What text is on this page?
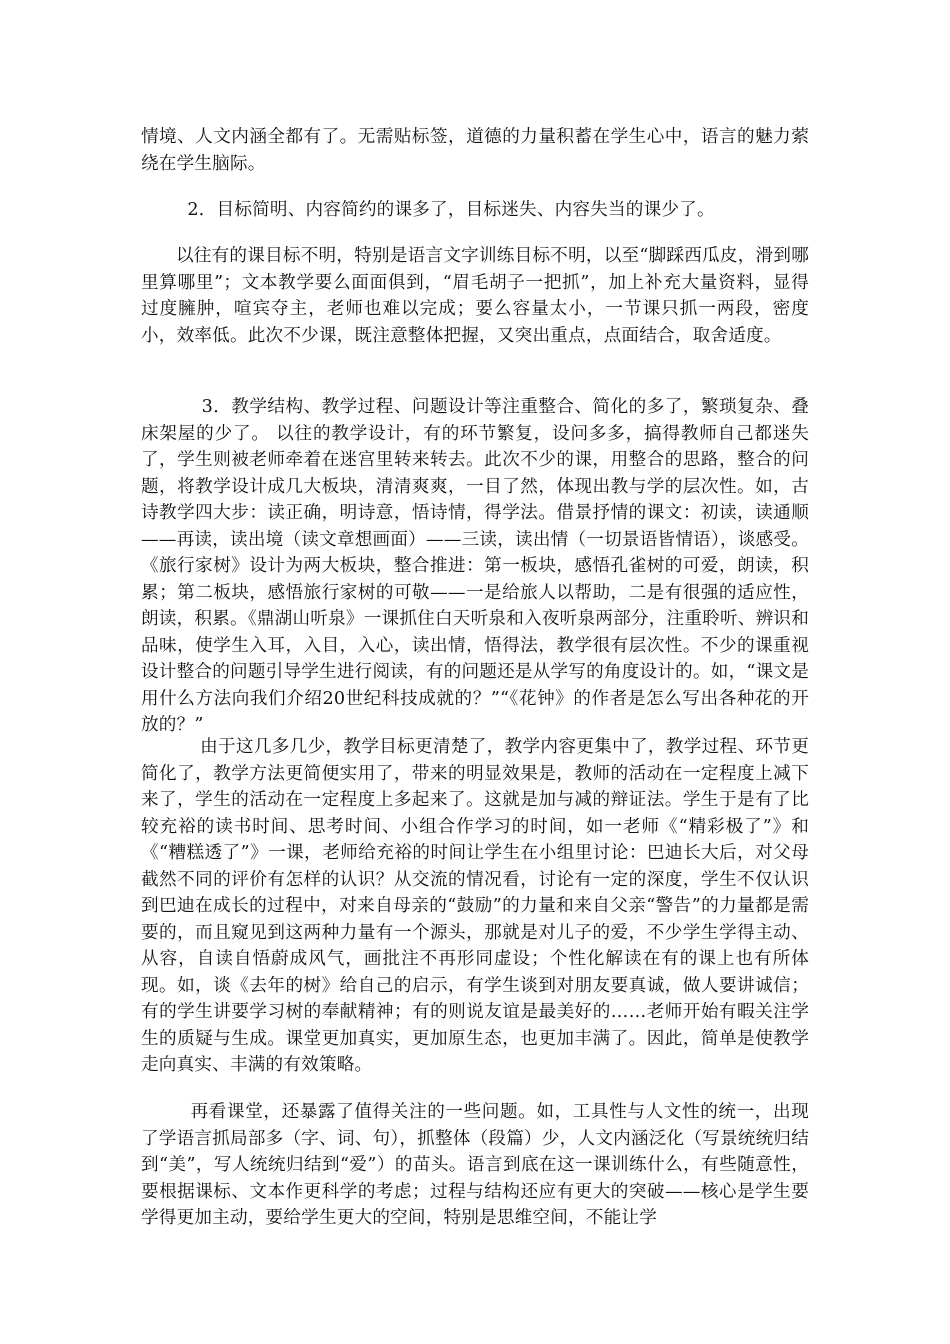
情境、人文内涵全都有了。无需贴标签，道德的力量积蓄在学生心中，语言的魅力萦绕在学生脑际。

2．目标简明、内容简约的课多了，目标迷失、内容失当的课少了。

以往有的课目标不明，特别是语言文字训练目标不明，以至“脚踩西瓜皮，滑到哪里算哪里”；文本教学要么面面俱到，“眉毛胡子一把抓”，加上补充大量资料，显得过度臃肿，喧宾夺主，老师也难以完成；要么容量太小，一节课只抓一两段，密度小，效率低。此次不少课，既注意整体把握，又突出重点，点面结合，取舍适度。

3．教学结构、教学过程、问题设计等注重整合、简化的多了，繁琐复杂、叠床架屋的少了。 以往的教学设计，有的环节繁复，设问多多，搞得教师自己都迷失了，学生则被老师牵着在迷宫里转来转去。此次不少的课，用整合的思路，整合的问题，将教学设计成几大板块，清清爽爽，一目了然，体现出教与学的层次性。如，古诗教学四大步：读正确，明诗意，悟诗情，得学法。借景抒情的课文：初读，读通顺——再读，读出境（读文章想画面）——三读，读出情（一切景语皆情语），谈感受。《旅行家树》设计为两大板块，整合推进：第一板块，感悟孔雀树的可爱，朗读，积累；第二板块，感悟旅行家树的可敬——一是给旅人以帮助，二是有很强的适应性，朗读，积累。《鼎湖山听泉》一课抓住白天听泉和入夜听泉两部分，注重聆听、辨识和品味，使学生入耳，入目，入心，读出情，悟得法，教学很有层次性。不少的课重视设计整合的问题引导学生进行阅读，有的问题还是从学写的角度设计的。如，“课文是用什么方法向我们介绍20世纪科技成就的？”“《花钟》的作者是怎么写出各种花的开放的？”

由于这几多几少，教学目标更清楚了，教学内容更集中了，教学过程、环节更简化了，教学方法更简便实用了，带来的明显效果是，教师的活动在一定程度上减下来了，学生的活动在一定程度上多起来了。这就是加与减的辩证法。学生于是有了比较充裕的读书时间、思考时间、小组合作学习的时间，如一老师《“精彩极了”》和《“糟糕透了”》一课，老师给充裕的时间让学生在小组里讨论：巴迪长大后，对父母截然不同的评价有怎样的认识？从交流的情况看，讨论有一定的深度，学生不仅认识到巴迪在成长的过程中，对来自母亲的“鼓励”的力量和来自父亲“警告”的力量都是需要的，而且窥见到这两种力量有一个源头，那就是对儿子的爱，不少学生学得主动、从容，自读自悟蔚成风气，画批注不再形同虚设；个性化解读在有的课上也有所体现。如，谈《去年的树》给自己的启示，有学生谈到对朋友要真诚，做人要讲诚信；有的学生讲要学习树的奉献精神；有的则说友谊是最美好的……老师开始有暇关注学生的质疑与生成。课堂更加真实，更加原生态，也更加丰满了。因此，简单是使教学走向真实、丰满的有效策略。

再看课堂，还暴露了值得关注的一些问题。如，工具性与人文性的统一，出现了学语言抓局部多（字、词、句），抓整体（段篇）少，人文内涵泛化（写景统统归结到“美”，写人统统归结到“爱”）的苗头。语言到底在这一课训练什么，有些随意性，要根据课标、文本作更科学的考虑；过程与结构还应有更大的突破——核心是学生要学得更加主动，要给学生更大的空间，特别是思维空间，不能让学
